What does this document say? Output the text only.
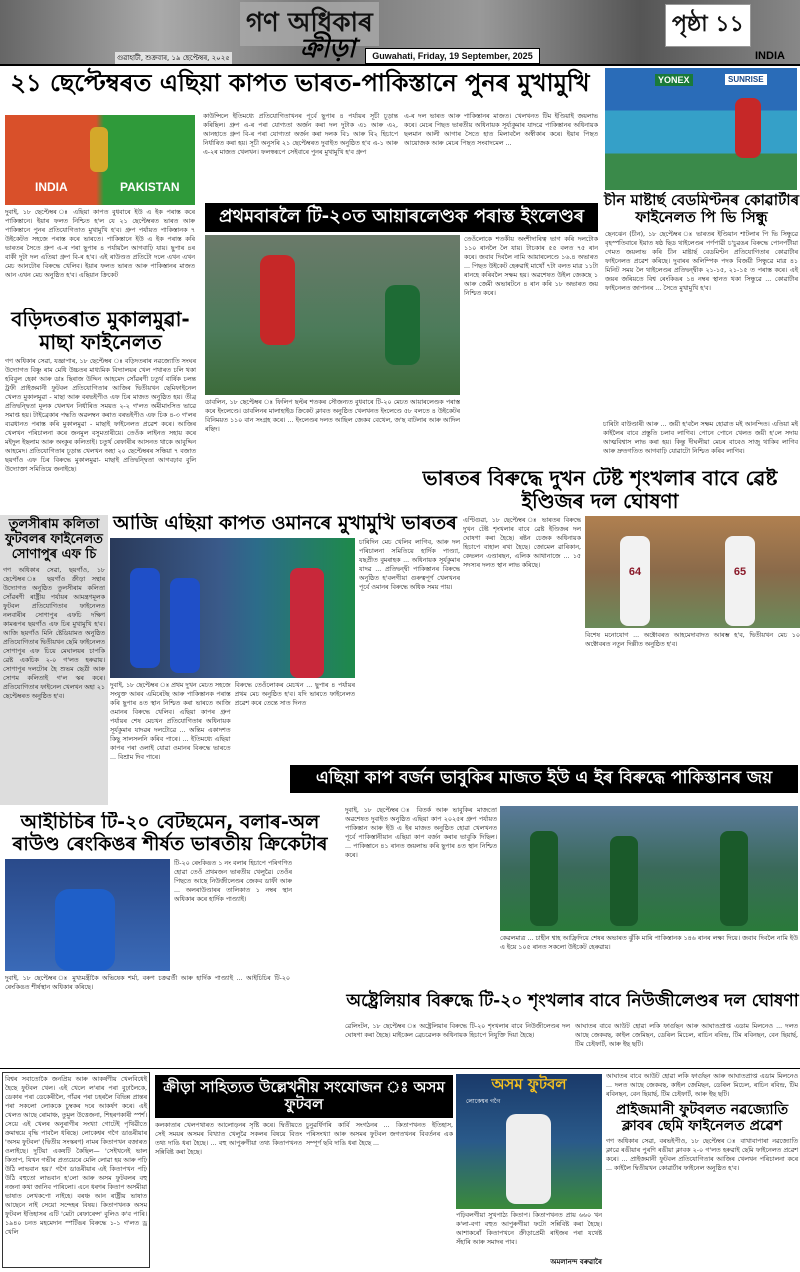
গণ অধিকাৰ
ক্ৰীড়া
গুৱাহাটী, শুক্ৰবাৰ, ১৯ ছেপ্টেম্বৰ, ২০২৫	Guwahati, Friday, 19 September, 2025
পৃষ্ঠা ১১
INDIA
২১ ছেপ্টেম্বৰত এছিয়া কাপত ভাৰত-পাকিস্তানে পুনৰ মুখামুখি
INDIA	PAKISTAN
দুবাই, ১৮ ছেপ্টেম্বৰ ঃ এছিয়া কাপত বুধবাৰে ইউ এ ইক পৰাস্ত কৰে পাকিস্তানে। ইয়াৰ ফলত নিশ্চিত হ'ল যে ২১ ছেপ্টেম্বৰত ভাৰত আৰু পাকিস্তানে পুনৰ প্ৰতিযোগিতাত মুখামুখি হ'ব। গ্ৰুপ পৰ্যায়ত পাকিস্তানক ৭ উইকেটত সহজে পৰাস্ত কৰে ভাৰতে। পাকিস্তানে ইউ এ ইক পৰাস্ত কৰি ভাৰতৰ সৈতে গ্ৰুপ এ-ৰ পৰা ছুপাৰ ৪ পৰ্যায়লৈ আগবাঢ়ি যায়। ছুপাৰ ৪ৰ বাকী দুটা দল এতিয়া গ্ৰুপ বি-ৰ হ'ব। এই ৰাউণ্ডত প্ৰতিটো দলে এখন এখন মেচ আনটোৰ বিৰুদ্ধে খেলিব। ইয়াৰ ফলত ভাৰত আৰু পাকিস্তানৰ মাজত আন এখন মেচ অনুষ্ঠিত হ'ব। এছিয়ান ক্ৰিকেট
কাউন্সিলে ইতিমধ্যে প্ৰতিযোগিতাখনৰ পূৰ্বে ছুপাৰ ৪ পৰ্যায়ৰ সূচী চূড়ান্ত কৰিছিল। গ্ৰুপ এ-ৰ পৰা যোগ্যতা অৰ্জন কৰা দল দুটাক এ১ আৰু এ২, আনহাতে গ্ৰুপ বি-ৰ পৰা যোগ্যতা অৰ্জন কৰা দলক বি১ আৰু বি২ হিচাপে নিৰ্ধাৰিত কৰা হয়। সূচী অনুসৰি ২১ ছেপ্টেম্বৰত দুবাইত অনুষ্ঠিত হ'ব এ-১ আৰু এ-২ৰ মাজত খেলখন। ফলস্বৰূপে সেইবাৰে পুনৰ মুখামুখি হ'ব গ্ৰুপ
এ-ৰ দল ভাৰত আৰু পাকিস্তানৰ মাজত। খেলখনত টিম ইণ্ডিয়াই জয়লাভ কৰে। মেচৰ পিছত ভাৰতীয় অধিনায়ক সূৰ্য্যকুমাৰ যাদৱে পাকিস্তানৰ অধিনায়ক ছলমান আলী আগাৰ সৈতে হাত মিলাবলৈ অস্বীকাৰ কৰে। ইয়াৰ পিছত আয়োজক আৰু মেচৰ পিছত সংবাদমেল ...
YONEX	SUNRISE
চীন মাষ্টাৰ্ছ বেডমিণ্টনৰ কোৱাৰ্টাৰ ফাইনেলত পি ভি সিন্ধু
ছেনঝেন (চীন), ১৮ ছেপ্টেম্বৰ ঃ ভাৰতৰ ইণ্ডিয়ান শাটলাৰ পি ভি সিন্ধুৱে বৃহস্পতিবাৰে ইয়াত ষষ্ঠ ছিড থাইলেণ্ডৰ পৰ্ণপাৱী চ'চুৱঙৰ বিৰুদ্ধে পোনপটীয়া গেমত জয়লাভ কৰি চীন মাষ্টাৰ্ছ বেডমিণ্টন প্ৰতিযোগিতাৰ কোৱাৰ্টাৰ ফাইনেলত প্ৰৱেশ কৰিছে। দুবাৰৰ অলিম্পিক পদক বিজয়ী সিন্ধুৱে মাত্ৰ ৪১ মিনিট সময় লৈ থাইলেণ্ডৰ প্ৰতিদ্বন্দ্বীক ২১-১৫, ২১-১৫ ত পৰাস্ত কৰে। এই জয়ৰ জৰিয়তে বিশ্ব ৰেংকিঙৰ ১৪ নম্বৰ স্থানত থকা সিন্ধুৱে ... কোৱাৰ্টাৰ ফাইনেলত জাপানৰ ... সৈতে মুখামুখি হ'ব।
প্ৰথমবাৰলৈ টি-২০ত আয়াৰলেণ্ডক পৰাস্ত ইংলেণ্ডৰ
ডাবলিন, ১৮ ছেপ্টেম্বৰ ঃ ফিলিপ ছল্টৰ শতকৰ সৌজন্যত বুধবাৰে টি-২০ মেচত আয়াৰলেণ্ডক পৰাস্ত কৰে ইংলেণ্ডে। ডাবলিনৰ মালাহাইড ক্ৰিকেট ক্লাবত অনুষ্ঠিত খেলখনত ইংলেণ্ডে ৫৮ বলতে ৪ উইকেটৰ বিনিময়ত ১১০ বান সংগ্ৰহ কৰে। ... ইংলেণ্ডৰ দলত আছিল জেকব বেথেল, জ'ছ বাটলাৰ আৰু আদিল ৰছিদ।
তেওঁলোকে শতকীয় অংশীদাৰিত্ব ভাগ কৰি দলটোক ১১০ ৰানলৈ লৈ যায়। টাচকাৰ ৫৫ বলত ৭৫ ৰান কৰে। জবাব দিবলৈ নামি আয়াৰলেণ্ডে ১৬.৪ অভাৰত ... পিছত উইকেট হেৰুৱাই মাথোঁ ৭টা বলত মাত্ৰ ১১টা ৰানহে কৰিবলৈ সক্ষম হয়। অৱশেষত উইল জেকছে ১ আৰু জেমী অভাৰটনে ৪ ৰান কৰি ১৮ অভাৰত জয় নিশ্চিত কৰে।
চাৰিটা বাউণ্ডাৰী আৰু ... জয়ী হ'বলৈ সক্ষম হোৱাত মই আনন্দিত। এতিয়া মই কাইলৈৰ বাবে প্ৰস্তুতি চলাব লাগিব। পোনে পোনে খেলত জয়ী হ'লে সদায় আত্মবিশ্বাস লাভ কৰা হয়। কিন্তু দীঘলীয়া মেচৰ বাবেও সাজু থাকিব লাগিব আৰু দ্ৰুতগতিত আগবাঢ়ি যোৱাটো নিশ্চিত কৰিব লাগিব।
বড়িদতৰাত মুকালমুৱা-মাছা ফাইনেলত
গণ অধিকাৰ সেৱা, যজ্ঞাপাৰ, ১৮ ছেপ্টেম্বৰ ঃ বড়িদতৰাৰ নৱজ্যোতি সংঘৰ উদ্যোগত বিষ্ণু ৰাম মেধি উচ্চতৰ মাধ্যমিক বিদ্যালয়ৰ খেল পথাৰত চলি থকা হবিবুল হেকা আৰু ডাঃ ছিৰাজ উদ্দিন আহমেদ সোঁৱৰণী চতুৰ্থ বাৰ্ষিক চলন্ত ট্ৰফী প্ৰাইজমানী ফুটবল প্ৰতিযোগিতাৰ আজিৰ দ্বিতীয়খন ছেমিফাইনেল খেলত মুকালমুৱা - মাছা আৰু বৰভইপীও এফ চিৰ মাজত অনুষ্ঠিত হয়। তীব্ৰ প্ৰতিদ্বন্দ্বিতা মূলক খেলখন নিৰ্ধাৰিত সময়ত ২-২ গ'লত অমীমাংসিত ভাৱে সমাপ্ত হয়। টাইব্ৰেকাৰ পদ্ধতি অৱলম্বন কৰাত বৰভইপীও এফ চিক ৪-৩ গ'লৰ ব্যৱধানত পৰাস্ত কৰি মুকালমুৱা - মাছাই ফাইনেলত প্ৰৱেশ কৰে। আজিৰ খেলখন পৰিচালনা কৰে জনমুল বসুমতাৰীয়ে। তেওঁক লাইনত সহায় কৰে মইদুল ইছলাম আৰু অংকুৰ কলিতাই। চতুৰ্থ ৰেফাৰীৰ আসনত থাকে আবুদ্দিন আহমেদ। প্ৰতিযোগিতাৰ চূড়ান্ত খেলখন অহা ২০ ছেপ্টেম্বৰৰ সন্ধিয়া ৭ বজাত ছয়গাঁও এফ চিৰ বিৰুদ্ধে মুকালমুৱা- মাছাই প্ৰতিদ্বন্দ্বিতা আগবঢ়াব বুলি উদ্যোক্তা সমিতিয়ে জনাইছে।
তুলসীৰাম কলিতা ফুটবলৰ ফাইনেলত সোণাপুৰ এফ চি
গণ অধিকাৰ সেৱা, ছয়গাঁও, ১৮ ছেপ্টেম্বৰ ঃ ছয়গাঁও ক্ৰীড়া সন্থাৰ উদ্যোগত অনুষ্ঠিত তুলসীৰাম কলিতা সোঁৱৰণী ৰাষ্ট্ৰীয় পৰ্যায়ৰ আমন্ত্ৰণমূলক ফুটবল প্ৰতিযোগিতাৰ ফাইনেলত নলবাৰীৰ সোণাপুৰ এফচি দক্ষিণ কামৰূপৰ ছয়গাঁও এফ চিৰ মুখামুখি হ'ব। আজি ছয়গাঁও মিনি ষ্টেডিয়ামত অনুষ্ঠিত প্ৰতিযোগিতাৰ দ্বিতীয়খন ছেমি ফাইনেলত সোণাপুৰ এফ চিয়ে মেঘালয়ৰ চাপকি ৱেষ্ট একচিক ২-০ গ'লত হৰুৱায়। সোণাপুৰ দলটোৰ হৈ শুভম ছেত্ৰী আৰু সোণম কলিতাই গ'ল স্কৰ কৰে। প্ৰতিযোগিতাৰ ফাইনেল খেলখন অহা ২১ ছেপ্টেম্বৰত অনুষ্ঠিত হ'ব।
আজি এছিয়া কাপত ওমানৰে মুখামুখি ভাৰতৰ
দুবাই, ১৮ ছেপ্টেম্বৰ ঃ প্ৰথম দুখন মেচত সহজে সংযুক্ত আৰব এমিৰেটছ আৰু পাকিস্তানক পৰাস্ত কৰি ছুপাৰ ৪ত স্থান নিশ্চিত কৰা ভাৰতে আজি ওমানৰ বিৰুদ্ধে খেলিব। এছিয়া কাপৰ গ্ৰুপ পৰ্যায়ৰ শেষ মেচখন প্ৰতিযোগিতাৰ অধিনায়ক সূৰ্যকুমাৰ যাদৱৰ দলটোৱে ... অন্তিম একাদশত কিছু সালসলনি কৰিব পাৰে। ... ইতিমধ্যে এছিয়া কাপৰ পৰা ওলাই যোৱা ওমানৰ বিৰুদ্ধে ভাৰতে ... বিশ্ৰাম দিব পাৰে।
বিৰুদ্ধে তেওঁলোকৰ মেচখন ... ছুপাৰ ৪ পৰ্যায়ৰ প্ৰথম মেচ অনুষ্ঠিত হ'ব। যদি ভাৰতে ফাইনেলত প্ৰৱেশ কৰে তেন্তে সাত দিনত
চাৰিদিন মেচ খেলিব লাগিব, আৰু দল পৰিচালনা সমিতিয়ে হাৰ্দিক পাণ্ড্যা, যছপ্ৰীত বুমৰাহক ... অধিনায়ক সূৰ্যকুমাৰ যাদৱ ... প্ৰতিদ্বন্দ্বী পাকিস্তানৰ বিৰুদ্ধে অনুষ্ঠিত হ'বলগীয়া গুৰুত্বপূৰ্ণ খেলখনৰ পূৰ্বে ওমানৰ বিৰুদ্ধে অধিক সময় পায়।
ভাৰতৰ বিৰুদ্ধে দুখন টেষ্ট শৃংখলাৰ বাবে ৱেষ্ট ইণ্ডিজৰ দল ঘোষণা
এণ্টিগুৱা, ১৮ ছেপ্টেম্বৰ ঃ ভাৰতৰ বিৰুদ্ধে দুখন টেষ্ট শৃংখলাৰ বাবে ৱেষ্ট ইণ্ডিজৰ দল ঘোষণা কৰা হৈছে। ৰষ্টন চেজক অধিনায়ক হিচাপে বাহাল ৰখা হৈছে। জোমেল ৱাৰিকান, কেভলন এণ্ডাৰছন, এলিক আথানাজে ... ১৫ সদস্যৰ দলত স্থান লাভ কৰিছে।
64	65
বিশেষ মনোযোগ ... অক্টোবৰত আহমেদাবাদত আৰম্ভ হ'ব, দ্বিতীয়খন মেচ ১০ অক্টোবৰত নতুন দিল্লীত অনুষ্ঠিত হ'ব।
এছিয়া কাপ বৰ্জন ভাবুকিৰ মাজত ইউ এ ইৰ বিৰুদ্ধে পাকিস্তানৰ জয়
দুবাই, ১৮ ছেপ্টেম্বৰ ঃ বিতৰ্ক আৰু ভাবুকিৰ মাজতো অৱশেষত দুবাইত অনুষ্ঠিত এছিয়া কাপ ২০২৫ৰ গ্ৰুপ পৰ্যায়ত পাকিস্তান আৰু ইউ এ ইৰ মাজত অনুষ্ঠিত হোৱা খেলখনত পূৰ্বে পাকিস্তানীয়ান এছিয়া কাপ বৰ্জন কৰাৰ ভাবুকি দিছিল। ... পাকিস্তানে ৪১ ৰানত জয়লাভ কৰি ছুপাৰ ৪ত স্থান নিশ্চিত কৰে।
কেৱলমাত্ৰ ... চাহীন শ্বাহ আফ্ৰিদিয়ে শেষৰ অভাৰত ঝুঁকি মাৰি পাকিস্তানক ১৪৬ ৰানৰ লক্ষ্য দিয়ে। জবাব দিবলৈ নামি ইউ এ ইয়ে ১০৫ ৰানত সকলো উইকেট হেৰুৱায়।
আইচিচিৰ টি-২০ বেটছমেন, বলাৰ-অল ৰাউণ্ড ৰেংকিঙৰ শীৰ্ষত ভাৰতীয় ক্ৰিকেটাৰ
টি-২০ ৰেংকিঙত ১ নং বলাৰ হিচাপে পৰিগণিত হোৱা তেওঁ প্ৰথমজন ভাৰতীয় খেলুৱৈ। তেওঁৰ পিছতে আছে নিউজীলেণ্ডৰ জেকব ডাফী আৰু ... অলৰাউণ্ডাৰৰ তালিকাত ১ নম্বৰ স্থান অধিকাৰ কৰে হাৰ্দিক পাণ্ড্যাই।
দুবাই, ১৮ ছেপ্টেম্বৰ ঃ মুখ্যমন্ত্ৰীকৈ অভিষেক শৰ্মা, বৰুণ চক্ৰৱৰ্তী আৰু হাৰ্দিক পাণ্ড্যাই ... আইচিচিৰ টি-২০ ৰেংকিঙত শীৰ্ষস্থান অধিকাৰ কৰিছে।
অষ্ট্ৰেলিয়াৰ বিৰুদ্ধে টি-২০ শৃংখলাৰ বাবে নিউজীলেণ্ডৰ দল ঘোষণা
ৱেলিংটন, ১৮ ছেপ্টেম্বৰ ঃ অষ্ট্ৰেলিয়াৰ বিৰুদ্ধে টি-২০ শৃংখলাৰ বাবে নিউজীলেণ্ডৰ দল ঘোষণা কৰা হৈছে। মাইকেল ব্ৰেচৱেলক অধিনায়ক হিচাপে নিযুক্তি দিয়া হৈছে।
আঘাতৰ বাবে আউট হোৱা লকি ফাৰ্গুছন আৰু আঘাতপ্ৰাপ্ত এডাম মিলনেও ... দলত আছে জেকবছ, কাইল জেমিছন, ডেৰিল মিচেল, ৰাচিন ৰবিন্দ্ৰ, টিম ৰবিনছন, বেন ছিয়াৰ্ছ, টিম চেইফাৰ্ট, আৰু ইছ ছটি।
বিশ্বৰ সবাতোকৈ জনপ্ৰিয় আৰু আকৰ্ষণীয় খেলবিধেই হৈছে ফুটবল খেল। এই খেলে ল'ৰাৰ পৰা বুঢ়ালৈকে, ডেকাৰ পৰা ডেকেৰীলৈ, গাঁৱৰ পৰা চহৰলৈ বিভিন্ন প্ৰান্তৰ পৰা সকলো লোককে চুম্বকৰ দৰে আকৰ্ষণ কৰে। এই খেলত আছে ৰোমাঞ্চ, তুমুল উত্তেজনা, শিহৰণকাৰী স্পৰ্শ। সেয়ে এই খেলৰ অনুৰাগীৰ সংখ্যা গোটেই পৃথিৱীতে ক্ৰমান্বয়ে বৃদ্ধি পাবলৈ ধৰিছে। লোকেশ্বৰ গগৈ ডাঙৰীয়াৰ 'অসম ফুটবল' (দ্বিতীয় সংস্কৰণ) নামৰ কিতাপখন বজাৰত ওলাইছে। দুটিয়া একষটি কৈছিল— 'সেইখনেই ভাল কিতাপ, যিখন গভীৰ প্ৰত্যয়েৰে মেলি লোৱা হয় আৰু পঢ়ি উঠি লাভবান হয়।' গগৈ ডাঙৰীয়াৰ এই কিতাপখন পঢ়ি উঠি বহুতো লাভবান হ'লো আৰু অসম ফুটবলৰ বহু নজনা কথা জানিব পাৰিলো। এনে ধৰণৰ কিতাপ অসমীয়া ভাষাত লেখকপো নাইহে। বৰঞ্চ আন ৰাষ্ট্ৰীয় ভাষাত আছেনে নাই সেয়ো সন্দেহৰ বিষয়। কিতাপখনক অসম ফুটবল ইতিহাসৰ এটি 'মেটা ৰেফাৰেন্স' বুলিও ক'ব পাৰি। ১৯৪০ চনত মহমেদান স্পৰ্টিঙৰ বিৰুদ্ধে ১-১ গ'লত ড্ৰ খেলি
ক্ৰীড়া সাহিত্যত উল্লেখনীয় সংযোজন ঃ অসম ফুটবল
কলকাতাৰ খেলপথাৰত আলোড়নৰ সৃষ্টি কৰে। দ্বিতীয়তে সেই সময়ৰ অসমৰ বিখ্যাত খেলুৱৈ সকলৰ বিষয়ে বিতং তথ্য দাঙি ধৰা হৈছে। ... বহু আপুৰুগীয়া তথ্য কিতাপখনত সন্নিবিষ্ট কৰা হৈছে।
চুনুৱৰ্ধিগৰি কাৰ্বি সংগঠনৰ ... কিতাপখনত ইতিহাস, পৰিসংখ্যা আৰু অসমৰ ফুটবল জগতখনৰ বিবৰ্তনৰ এক সম্পূৰ্ণ ছবি দাঙি ধৰা হৈছে ...
অসম ফুটবল
লোকেশ্বৰ গগৈ
পঢ়িবলগীয়া সুখপাঠ্য কিতাপ। কিতাপখনত প্ৰায় ৬৬০ খন ক'লা-বগা বহুত আপুৰুগীয়া ফটো সন্নিবিষ্ট কৰা হৈছে। আশাকৰোঁ কিতাপখনে ক্ৰীড়াপ্ৰেমী ৰাইজৰ পৰা যথেষ্ট সঁহাৰি আৰু সমাদৰ পাব।
অমলানন্দ বৰুৱাৰৈ
আঘাতৰ বাবে আউট হোৱা লকি ফাৰ্গুছন আৰু আঘাতপ্ৰাপ্ত এডাম মিলনেও ... দলত আছে জেকবছ, কাইল জেমিছন, ডেৰিল মিচেল, ৰাচিন ৰবিন্দ্ৰ, টিম ৰবিনছন, বেন ছিয়াৰ্ছ, টিম চেইফাৰ্ট, আৰু ইছ ছটি।
প্ৰাইজমানী ফুটবলত নৱজ্যোতি ক্লাবৰ ছেমি ফাইনেলত প্ৰৱেশ
গণ অধিকাৰ সেৱা, বৰভইপীও, ১৮ ছেপ্টেম্বৰ ঃ বাখাবাপাৰা নৱজ্যোতি ক্লাৱে ৰঙীয়াৰ পুৰণি ৰঙীয়া ক্লাবক ২-০ গ'লত হৰুৱাই ছেমি ফাইনেলত প্ৰৱেশ কৰে। ... প্ৰাইজমানী ফুটবল প্ৰতিযোগিতাৰ আজিৰ খেলখন পৰিচালনা কৰে ... কাইলৈ দ্বিতীয়খন কোৱাৰ্টাৰ ফাইনেল অনুষ্ঠিত হ'ব।
